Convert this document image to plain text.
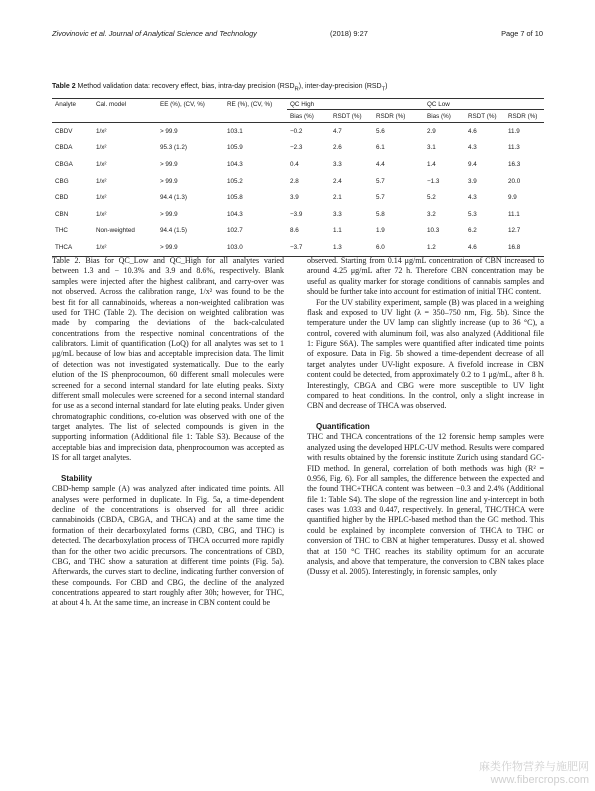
Zivovinovic et al. Journal of Analytical Science and Technology	(2018) 9:27	Page 7 of 10
Table 2 Method validation data: recovery effect, bias, intra-day precision $(RSD_R)$, inter-day-precision $(RSD_T)$
Analyte	Cal. model	EE (%), (CV, %)	RE (%), (CV, %)	QC High			QC Low		
				Bias (%)	RSDT (%)	RSDR (%)	Bias (%)	RSDT (%)	RSDR (%)
CBDV	1/x²	> 99.9	103.1	−0.2	4.7	5.6	2.9	4.6	11.9
CBDA	1/x²	95.3 (1.2)	105.9	−2.3	2.6	6.1	3.1	4.3	11.3
CBGA	1/x²	> 99.9	104.3	0.4	3.3	4.4	1.4	9.4	16.3
CBG	1/x²	> 99.9	105.2	2.8	2.4	5.7	−1.3	3.9	20.0
CBD	1/x²	94.4 (1.3)	105.8	3.9	2.1	5.7	5.2	4.3	9.9
CBN	1/x²	> 99.9	104.3	−3.9	3.3	5.8	3.2	5.3	11.1
THC	Non-weighted	94.4 (1.5)	102.7	8.6	1.1	1.9	10.3	6.2	12.7
THCA	1/x²	> 99.9	103.0	−3.7	1.3	6.0	1.2	4.6	16.8

Table 2. Bias for QC_Low and QC_High for all analytes varied between 1.3 and − 10.3% and 3.9 and 8.6%, respectively. Blank samples were injected after the highest calibrant, and carry-over was not observed. Across the calibration range, 1/x² was found to be the best fit for all cannabinoids, whereas a non-weighted calibration was used for THC (Table 2). The decision on weighted calibration was made by comparing the deviations of the back-calculated concentrations from the respective nominal concentrations of the calibrators. Limit of quantification (LoQ) for all analytes was set to 1 μg/mL because of low bias and acceptable imprecision data. The limit of detection was not investigated systematically. Due to the early elution of the IS phenprocoumon, 60 different small molecules were screened for a second internal standard for late eluting peaks. Sixty different small molecules were screened for a second internal standard for use as a second internal standard for late eluting peaks. Under given chromatographic conditions, co-elution was observed with one of the target analytes. The list of selected compounds is given in the supporting information (Additional file 1: Table S3). Because of the acceptable bias and imprecision data, phenprocoumon was accepted as IS for all target analytes.

Stability

CBD-hemp sample (A) was analyzed after indicated time points. All analyses were performed in duplicate. In Fig. 5a, a time-dependent decline of the concentrations is observed for all three acidic cannabinoids (CBDA, CBGA, and THCA) and at the same time the formation of their decarboxylated forms (CBD, CBG, and THC) is detected. The decarboxylation process of THCA occurred more rapidly than for the other two acidic precursors. The concentrations of CBD, CBG, and THC show a saturation at different time points (Fig. 5a). Afterwards, the curves start to decline, indicating further conversion of these compounds. For CBD and CBG, the decline of the analyzed concentrations appeared to start roughly after 30h; however, for THC, at about 4 h. At the same time, an increase in CBN content could be

observed. Starting from 0.14 μg/mL concentration of CBN increased to around 4.25 μg/mL after 72 h. Therefore CBN concentration may be useful as quality marker for storage conditions of cannabis samples and should be further take into account for estimation of initial THC content.

For the UV stability experiment, sample (B) was placed in a weighing flask and exposed to UV light (λ = 350–750 nm, Fig. 5b). Since the temperature under the UV lamp can slightly increase (up to 36 °C), a control, covered with aluminum foil, was also analyzed (Additional file 1: Figure S6A). The samples were quantified after indicated time points of exposure. Data in Fig. 5b showed a time-dependent decrease of all target analytes under UV-light exposure. A fivefold increase in CBN content could be detected, from approximately 0.2 to 1 μg/mL, after 8 h. Interestingly, CBGA and CBG were more susceptible to UV light compared to heat conditions. In the control, only a slight increase in CBN and decrease of THCA was observed.

Quantification

THC and THCA concentrations of the 12 forensic hemp samples were analyzed using the developed HPLC-UV method. Results were compared with results obtained by the forensic institute Zurich using standard GC-FID method. In general, correlation of both methods was high (R² = 0.956, Fig. 6). For all samples, the difference between the expected and the found THC+THCA content was between −0.3 and 2.4% (Additional file 1: Table S4). The slope of the regression line and y-intercept in both cases was 1.033 and 0.447, respectively. In general, THC/THCA were quantified higher by the HPLC-based method than the GC method. This could be explained by incomplete conversion of THCA to THC or conversion of THC to CBN at higher temperatures. Dussy et al. showed that at 150 °C THC reaches its stability optimum for an accurate analysis, and above that temperature, the conversion to CBN takes place (Dussy et al. 2005). Interestingly, in forensic samples, only

麻类作物营养与施肥网
www.fibercrops.com
